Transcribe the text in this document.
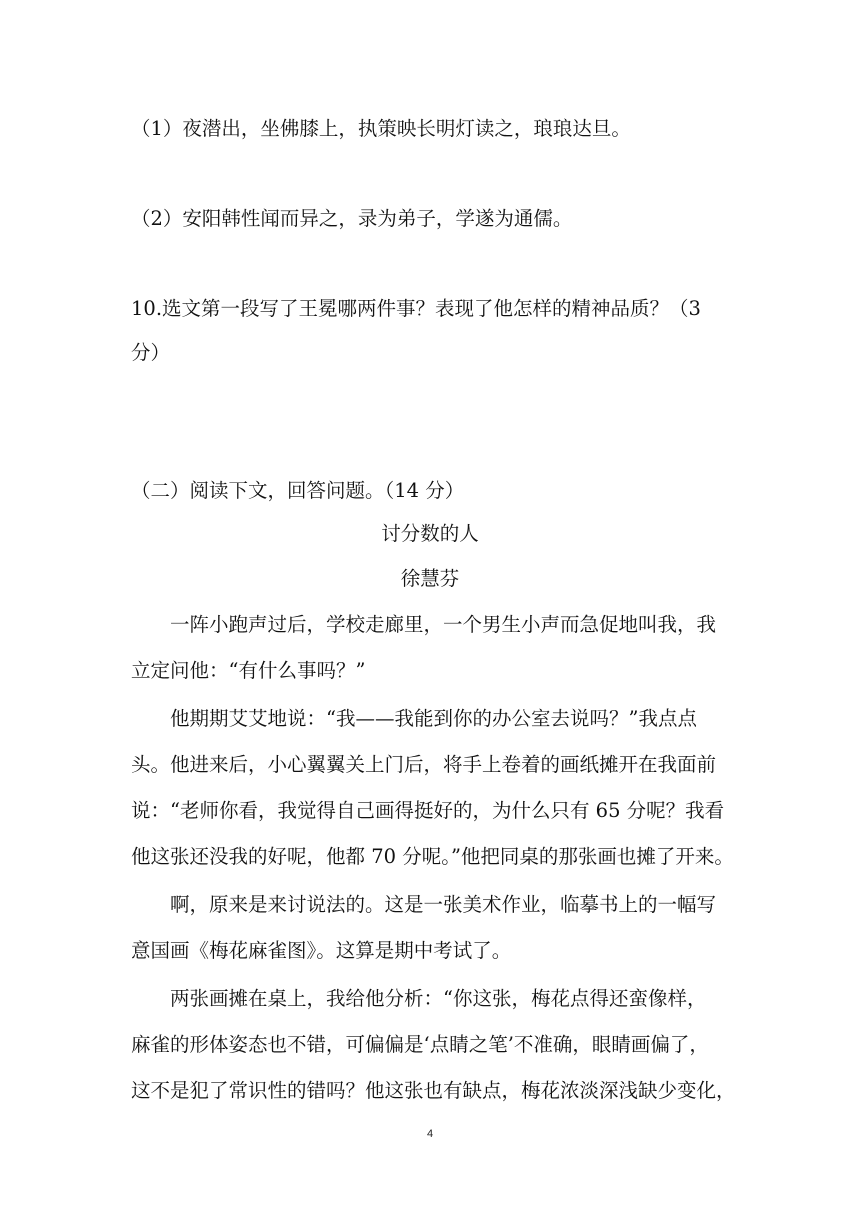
（1）夜潜出，坐佛膝上，执策映长明灯读之，琅琅达旦。
（2）安阳韩性闻而异之，录为弟子，学遂为通儒。
10.选文第一段写了王冕哪两件事？表现了他怎样的精神品质？（3
分）
（二）阅读下文，回答问题。（14 分）
讨分数的人
徐慧芬
　　一阵小跑声过后，学校走廊里，一个男生小声而急促地叫我，我
立定问他：“有什么事吗？”
　　他期期艾艾地说：“我——我能到你的办公室去说吗？”我点点
头。他进来后，小心翼翼关上门后，将手上卷着的画纸摊开在我面前
说：“老师你看，我觉得自己画得挺好的，为什么只有 65 分呢？我看
他这张还没我的好呢，他都 70 分呢。”他把同桌的那张画也摊了开来。
　　啊，原来是来讨说法的。这是一张美术作业，临摹书上的一幅写
意国画《梅花麻雀图》。这算是期中考试了。
　　两张画摊在桌上，我给他分析：“你这张，梅花点得还蛮像样，
麻雀的形体姿态也不错，可偏偏是‘点睛之笔’不准确，眼睛画偏了，
这不是犯了常识性的错吗？他这张也有缺点，梅花浓淡深浅缺少变化，
4
